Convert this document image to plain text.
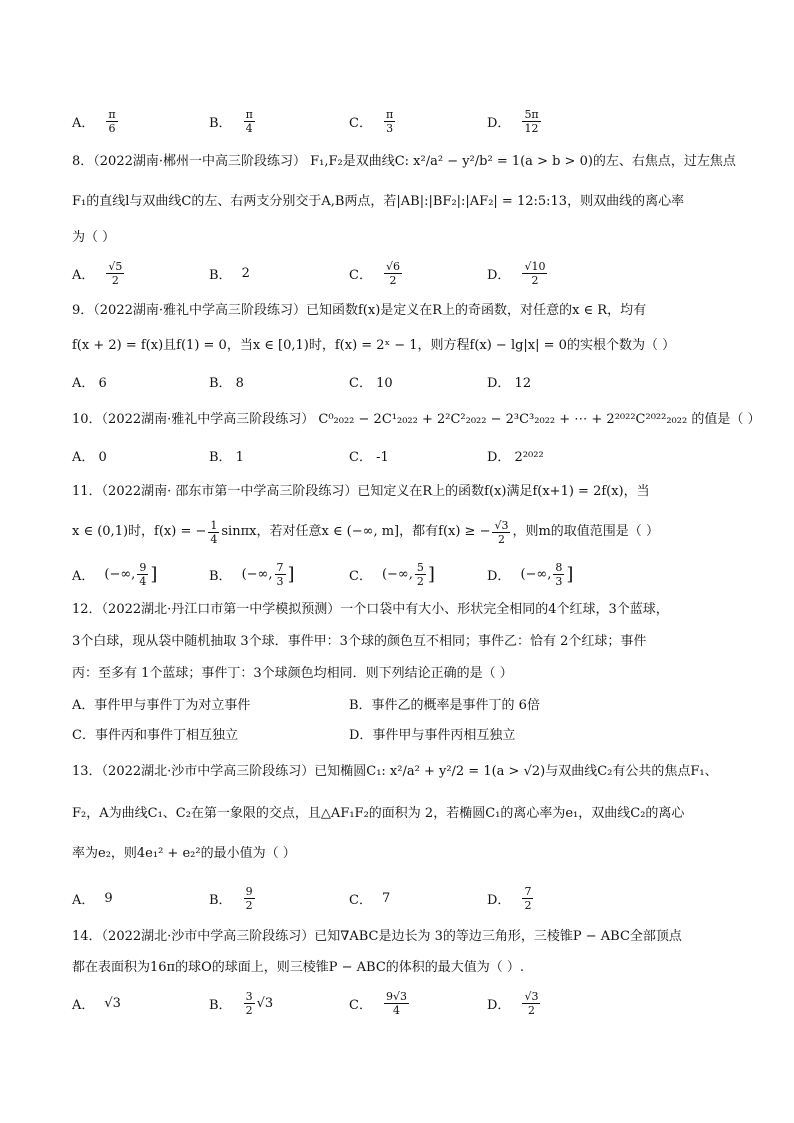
A． $\frac{\pi}{6}$	B． $\frac{\pi}{4}$	C． $\frac{\pi}{3}$	D． $\frac{5\pi}{12}$
8．（2022湖南·郴州一中高三阶段练习） F₁,F₂是双曲线C: x²/a² − y²/b² = 1(a > b > 0)的左、右焦点，过左焦点
F₁的直线l与双曲线C的左、右两支分别交于A,B两点，若|AB|:|BF₂|:|AF₂| = 12:5:13，则双曲线的离心率
为（ ）
A． $\frac{√5}{2}$	B． 2	C． $\frac{√6}{2}$	D． $\frac{√10}{2}$
9．（2022湖南·雅礼中学高三阶段练习）已知函数f(x)是定义在R上的奇函数，对任意的x ∈ R，均有
f(x + 2) = f(x)且f(1) = 0，当x ∈ [0,1)时，f(x) = 2ˣ − 1，则方程f(x) − lg|x| = 0的实根个数为（ ）
A． 6	B． 8	C． 10	D． 12
10．（2022湖南·雅礼中学高三阶段练习） C⁰₂₀₂₂ − 2C¹₂₀₂₂ + 2²C²₂₀₂₂ − 2³C³₂₀₂₂ + ⋯ + 2²⁰²²C²⁰²²₂₀₂₂ 的值是（ ）
A． 0	B． 1	C． -1	D． 2²⁰²²
11．（2022湖南· 邵东市第一中学高三阶段练习）已知定义在R上的函数f(x)满足f(x+1) = 2f(x)，当
x ∈ (0,1)时，f(x) = − $\frac{1}{4}$ sinπx，若对任意x ∈ (−∞, m]，都有f(x) ≥ − $\frac{√3}{2}$ ，则m的取值范围是（ ）
A． (−∞, $\frac{9}{4}$ ]	B． (−∞, $\frac{7}{3}$ ]	C． (−∞, $\frac{5}{2}$ ]	D． (−∞, $\frac{8}{3}$ ]
12．（2022湖北·丹江口市第一中学模拟预测）一个口袋中有大小、形状完全相同的4个红球，3个蓝球，
3个白球，现从袋中随机抽取 3个球．事件甲：3个球的颜色互不相同；事件乙：恰有 2个红球；事件
丙：至多有 1个蓝球；事件丁：3个球颜色均相同．则下列结论正确的是（ ）
A．事件甲与事件丁为对立事件	B．事件乙的概率是事件丁的 6倍
C．事件丙和事件丁相互独立	D．事件甲与事件丙相互独立
13．（2022湖北·沙市中学高三阶段练习）已知椭圆C₁: x²/a² + y²/2 = 1(a > √2)与双曲线C₂有公共的焦点F₁、
F₂，A为曲线C₁、C₂在第一象限的交点，且△AF₁F₂的面积为 2，若椭圆C₁的离心率为e₁，双曲线C₂的离心
率为e₂，则4e₁² + e₂²的最小值为（ ）
A． 9	B． $\frac{9}{2}$	C． 7	D． $\frac{7}{2}$
14．（2022湖北·沙市中学高三阶段练习）已知∇ABC是边长为 3的等边三角形，三棱锥P − ABC全部顶点
都在表面积为16π的球O的球面上，则三棱锥P − ABC的体积的最大值为（ ）.
A． √3	B． $\frac{3}{2} √3$	C． $\frac{9√3}{4}$	D． $\frac{√3}{2}$
